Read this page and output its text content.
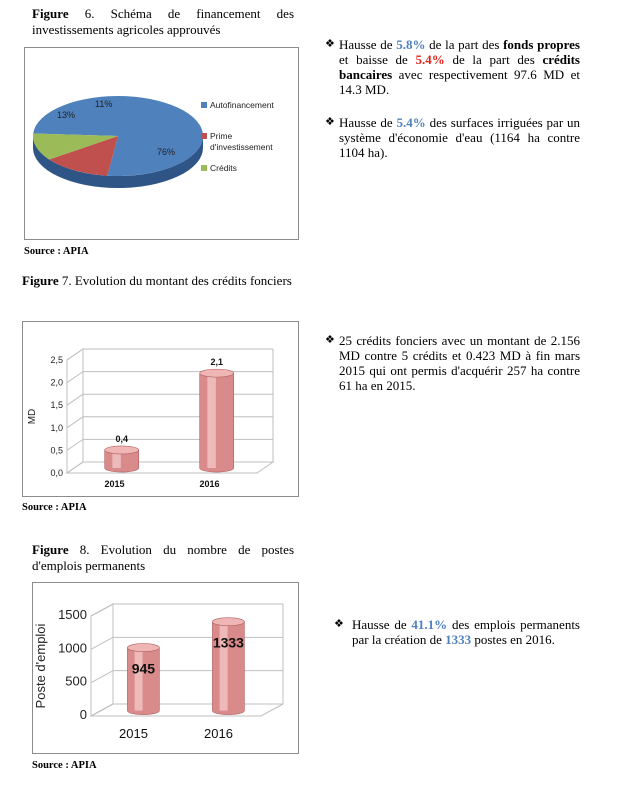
Figure 6. Schéma de financement des investissements agricoles approuvés
76%
13%
11%	Autofinancement
Prime
d'investissement
Crédits
Source : APIA
Figure 7. Evolution du montant des crédits fonciers
0,0
0,5
1,0
1,5
2,0
2,5
MD
0,4
2015
2,1
2016
Source : APIA
Figure 8. Evolution du nombre de postes d'emplois permanents
0
500
1000
1500
Poste d'emploi	945
2015
1333
2016
Source : APIA
❖ Hausse de 5.8% de la part des fonds propres et baisse de 5.4% de la part des crédits bancaires avec respectivement 97.6 MD et 14.3 MD.
❖ Hausse de 5.4% des surfaces irriguées par un système d'économie d'eau (1164 ha contre 1104 ha).
❖ 25 crédits fonciers avec un montant de 2.156 MD contre 5 crédits et 0.423 MD à fin mars 2015 qui ont permis d'acquérir 257 ha contre 61 ha en 2015.
❖ Hausse de 41.1% des emplois permanents par la création de 1333 postes en 2016.
